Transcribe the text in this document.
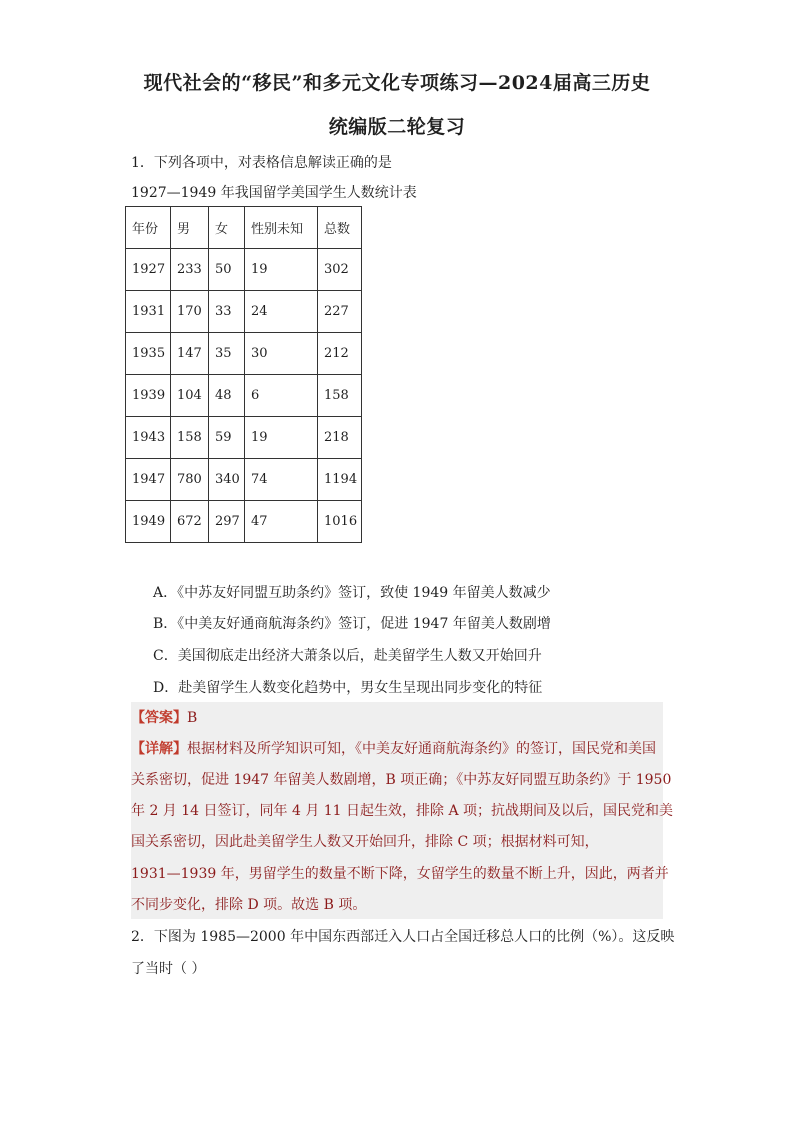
现代社会的“移民”和多元文化专项练习—2024届高三历史
统编版二轮复习
1．下列各项中，对表格信息解读正确的是
1927—1949 年我国留学美国学生人数统计表
年份	男	女	性别未知	总数
1927	233	50	19	302
1931	170	33	24	227
1935	147	35	30	212
1939	104	48	6	158
1943	158	59	19	218
1947	780	340	74	1194
1949	672	297	47	1016
A．《中苏友好同盟互助条约》签订，致使 1949 年留美人数减少
B．《中美友好通商航海条约》签订，促进 1947 年留美人数剧增
C．美国彻底走出经济大萧条以后，赴美留学生人数又开始回升
D．赴美留学生人数变化趋势中，男女生呈现出同步变化的特征
【答案】B
【详解】根据材料及所学知识可知，《中美友好通商航海条约》的签订，国民党和美国
关系密切，促进 1947 年留美人数剧增，B 项正确；《中苏友好同盟互助条约》于 1950
年 2 月 14 日签订，同年 4 月 11 日起生效，排除 A 项；抗战期间及以后，国民党和美
国关系密切，因此赴美留学生人数又开始回升，排除 C 项；根据材料可知，
1931—1939 年，男留学生的数量不断下降，女留学生的数量不断上升，因此，两者并
不同步变化，排除 D 项。故选 B 项。
2．下图为 1985—2000 年中国东西部迁入人口占全国迁移总人口的比例（%）。这反映
了当时（ ）
